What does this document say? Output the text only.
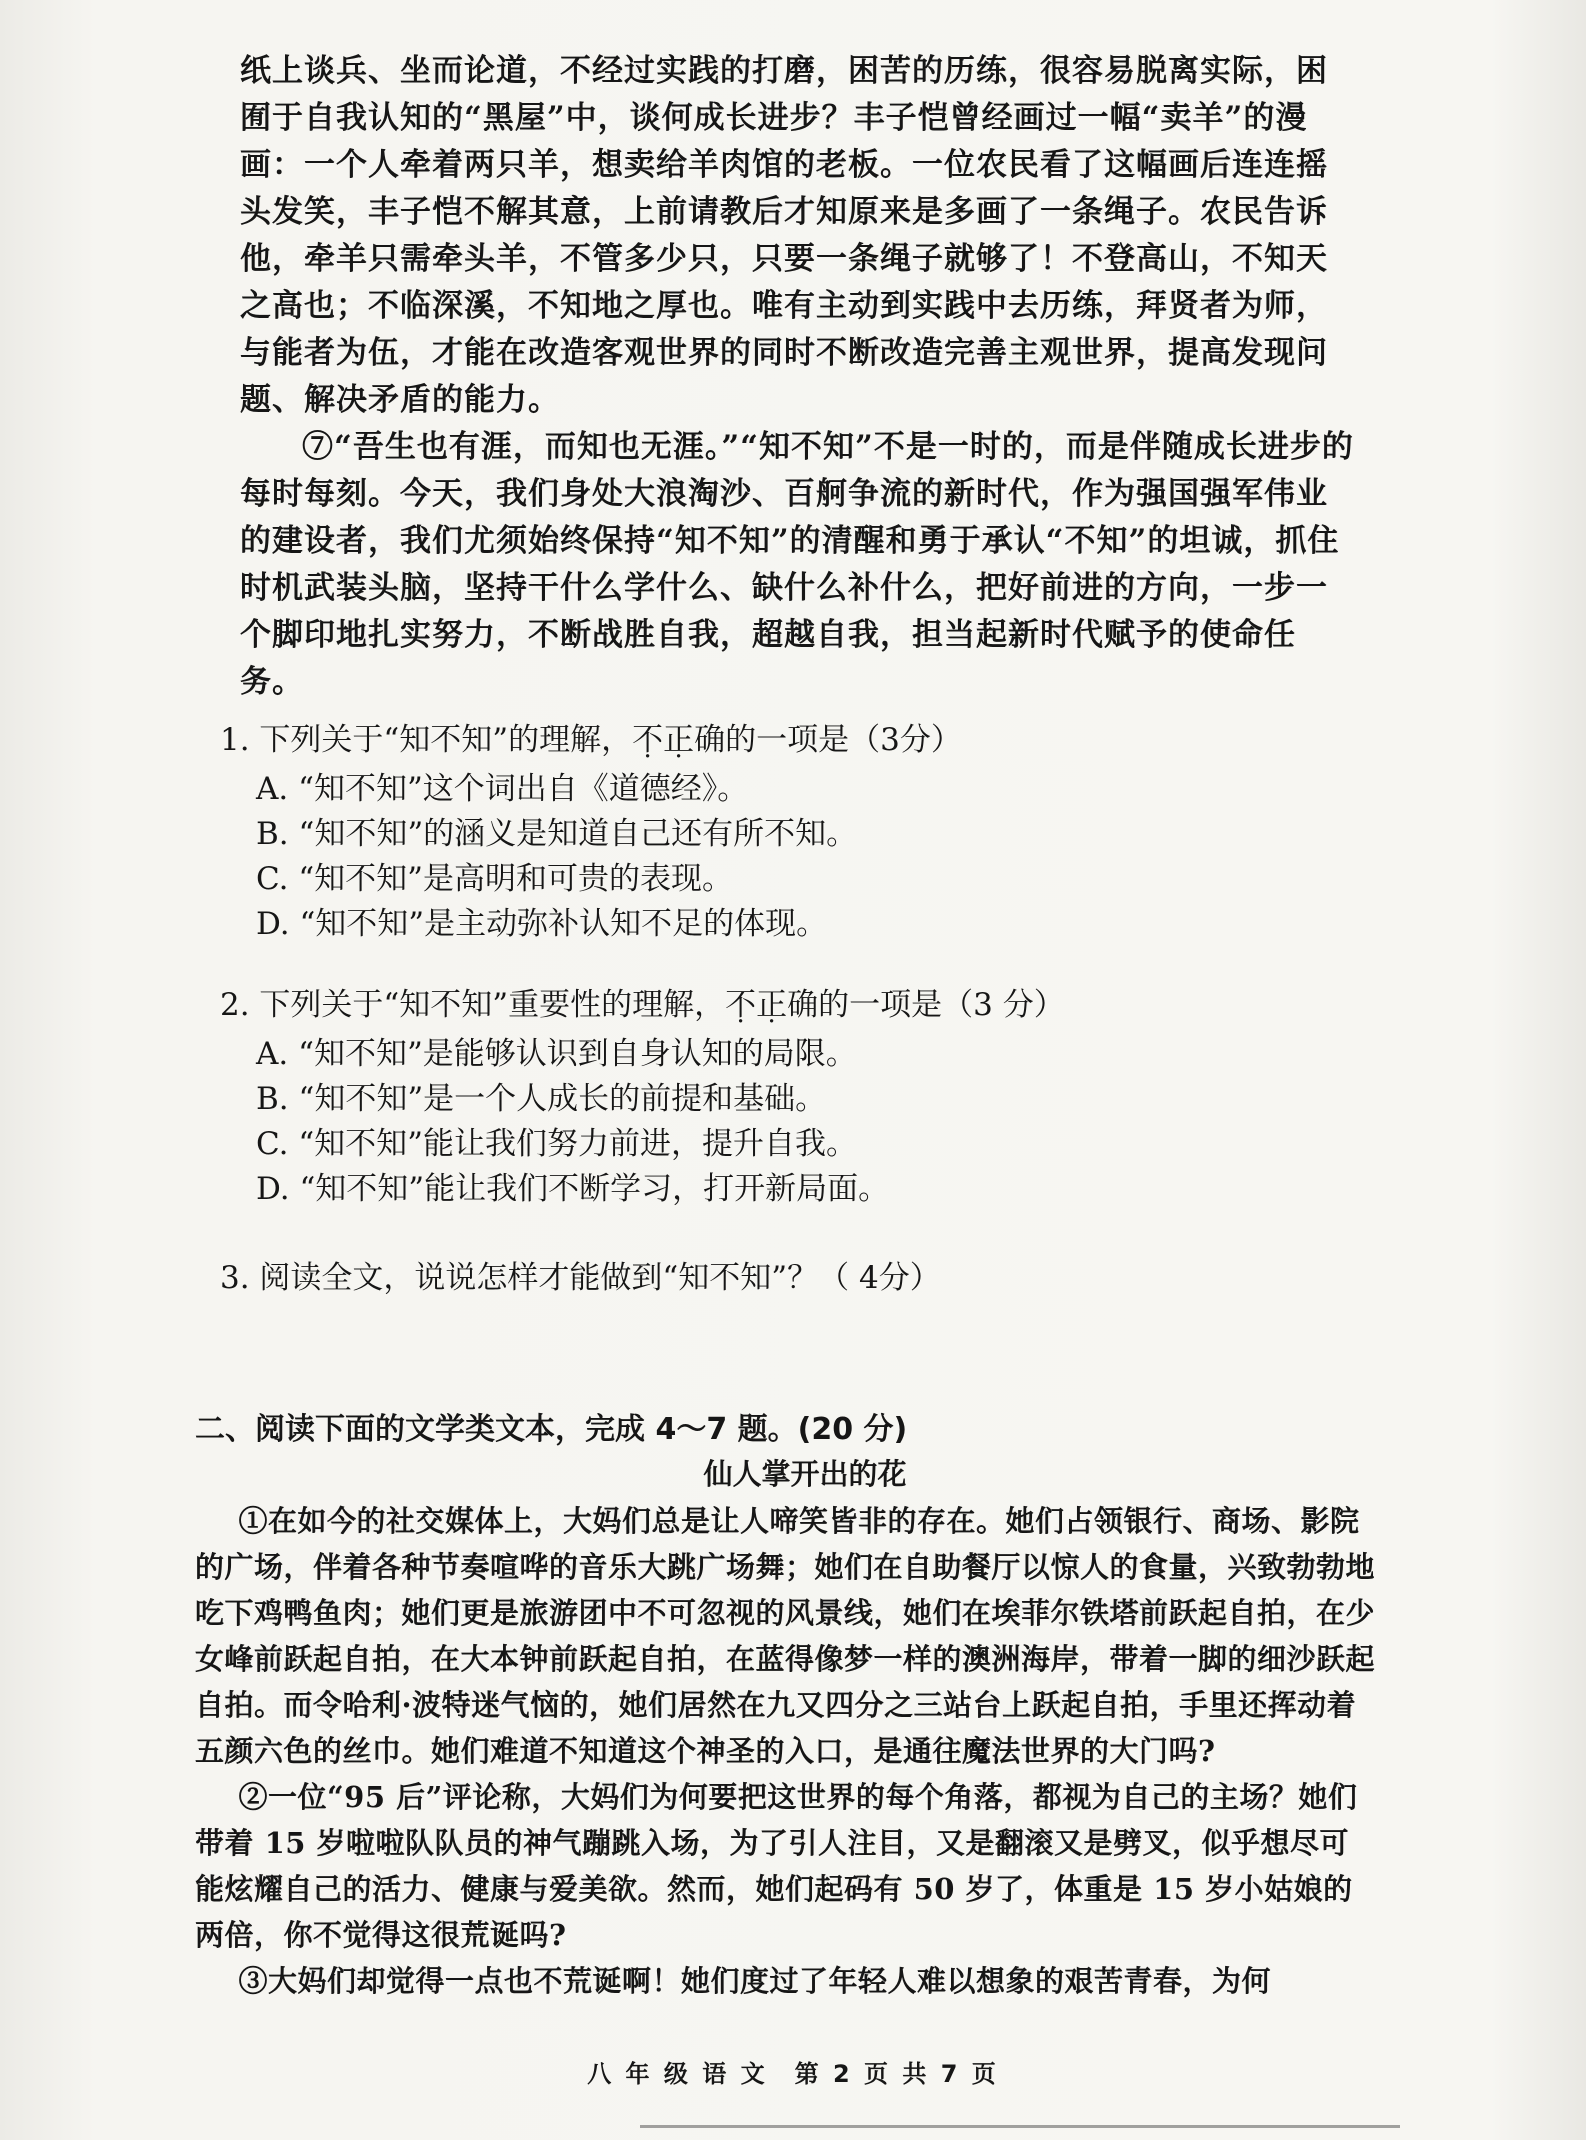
纸上谈兵、坐而论道，不经过实践的打磨，困苦的历练，很容易脱离实际，困囿于自我认知的“黑屋”中，谈何成长进步？丰子恺曾经画过一幅“卖羊”的漫画：一个人牵着两只羊，想卖给羊肉馆的老板。一位农民看了这幅画后连连摇头发笑，丰子恺不解其意，上前请教后才知原来是多画了一条绳子。农民告诉他，牵羊只需牵头羊，不管多少只，只要一条绳子就够了！不登高山，不知天之高也；不临深溪，不知地之厚也。唯有主动到实践中去历练，拜贤者为师，与能者为伍，才能在改造客观世界的同时不断改造完善主观世界，提高发现问题、解决矛盾的能力。

⑦“吾生也有涯，而知也无涯。”“知不知”不是一时的，而是伴随成长进步的每时每刻。今天，我们身处大浪淘沙、百舸争流的新时代，作为强国强军伟业的建设者，我们尤须始终保持“知不知”的清醒和勇于承认“不知”的坦诚，抓住时机武装头脑，坚持干什么学什么、缺什么补什么，把好前进的方向，一步一个脚印地扎实努力，不断战胜自我，超越自我，担当起新时代赋予的使命任务。

1. 下列关于“知不知”的理解，不正确的一项是（3分）

A. “知不知”这个词出自《道德经》。

B. “知不知”的涵义是知道自己还有所不知。

C. “知不知”是高明和可贵的表现。

D. “知不知”是主动弥补认知不足的体现。

2. 下列关于“知不知”重要性的理解，不正确的一项是（3 分）

A. “知不知”是能够认识到自身认知的局限。

B. “知不知”是一个人成长的前提和基础。

C. “知不知”能让我们努力前进，提升自我。

D. “知不知”能让我们不断学习，打开新局面。

3. 阅读全文，说说怎样才能做到“知不知”？（ 4分）

二、阅读下面的文学类文本，完成 4～7 题。(20 分)

仙人掌开出的花

①在如今的社交媒体上，大妈们总是让人啼笑皆非的存在。她们占领银行、商场、影院的广场，伴着各种节奏喧哗的音乐大跳广场舞；她们在自助餐厅以惊人的食量，兴致勃勃地吃下鸡鸭鱼肉；她们更是旅游团中不可忽视的风景线，她们在埃菲尔铁塔前跃起自拍，在少女峰前跃起自拍，在大本钟前跃起自拍，在蓝得像梦一样的澳洲海岸，带着一脚的细沙跃起自拍。而令哈利·波特迷气恼的，她们居然在九又四分之三站台上跃起自拍，手里还挥动着五颜六色的丝巾。她们难道不知道这个神圣的入口，是通往魔法世界的大门吗?

②一位“95 后”评论称，大妈们为何要把这世界的每个角落，都视为自己的主场？她们带着 15 岁啦啦队队员的神气蹦跳入场，为了引人注目，又是翻滚又是劈叉，似乎想尽可能炫耀自己的活力、健康与爱美欲。然而，她们起码有 50 岁了，体重是 15 岁小姑娘的两倍，你不觉得这很荒诞吗?

③大妈们却觉得一点也不荒诞啊！她们度过了年轻人难以想象的艰苦青春，为何

八 年 级 语 文　第 2 页 共 7 页
